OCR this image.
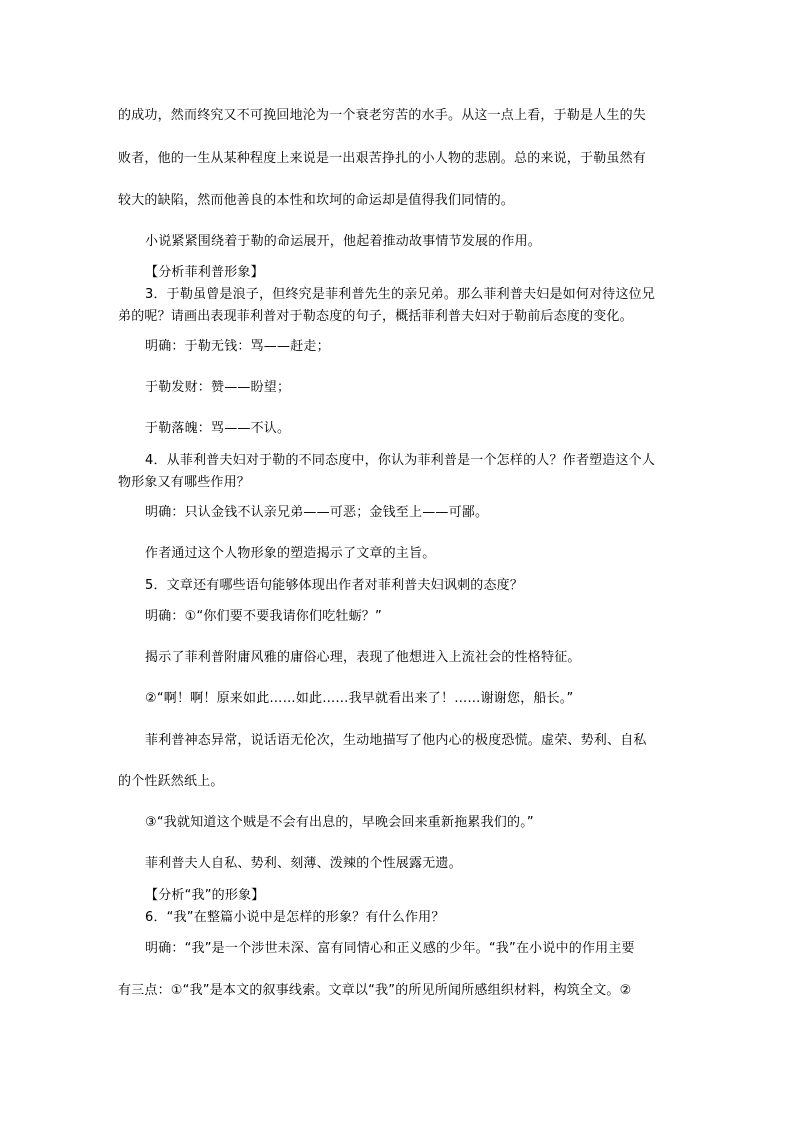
的成功，然而终究又不可挽回地沦为一个衰老穷苦的水手。从这一点上看，于勒是人生的失
败者，他的一生从某种程度上来说是一出艰苦挣扎的小人物的悲剧。总的来说，于勒虽然有
较大的缺陷，然而他善良的本性和坎坷的命运却是值得我们同情的。
小说紧紧围绕着于勒的命运展开，他起着推动故事情节发展的作用。
【分析菲利普形象】
3．于勒虽曾是浪子，但终究是菲利普先生的亲兄弟。那么菲利普夫妇是如何对待这位兄
弟的呢？请画出表现菲利普对于勒态度的句子，概括菲利普夫妇对于勒前后态度的变化。
明确：于勒无钱：骂——赶走；
于勒发财：赞——盼望；
于勒落魄：骂——不认。
4．从菲利普夫妇对于勒的不同态度中，你认为菲利普是一个怎样的人？作者塑造这个人
物形象又有哪些作用？
明确：只认金钱不认亲兄弟——可恶；金钱至上——可鄙。
作者通过这个人物形象的塑造揭示了文章的主旨。
5．文章还有哪些语句能够体现出作者对菲利普夫妇讽刺的态度？
明确：①“你们要不要我请你们吃牡蛎？”
揭示了菲利普附庸风雅的庸俗心理，表现了他想进入上流社会的性格特征。
②“啊！啊！原来如此……如此……我早就看出来了！……谢谢您，船长。”
菲利普神态异常，说话语无伦次，生动地描写了他内心的极度恐慌。虚荣、势利、自私
的个性跃然纸上。
③“我就知道这个贼是不会有出息的，早晚会回来重新拖累我们的。”
菲利普夫人自私、势利、刻薄、泼辣的个性展露无遗。
【分析“我”的形象】
6．“我”在整篇小说中是怎样的形象？有什么作用？
明确：“我”是一个涉世未深、富有同情心和正义感的少年。“我”在小说中的作用主要
有三点：①“我”是本文的叙事线索。文章以“我”的所见所闻所感组织材料，构筑全文。②
